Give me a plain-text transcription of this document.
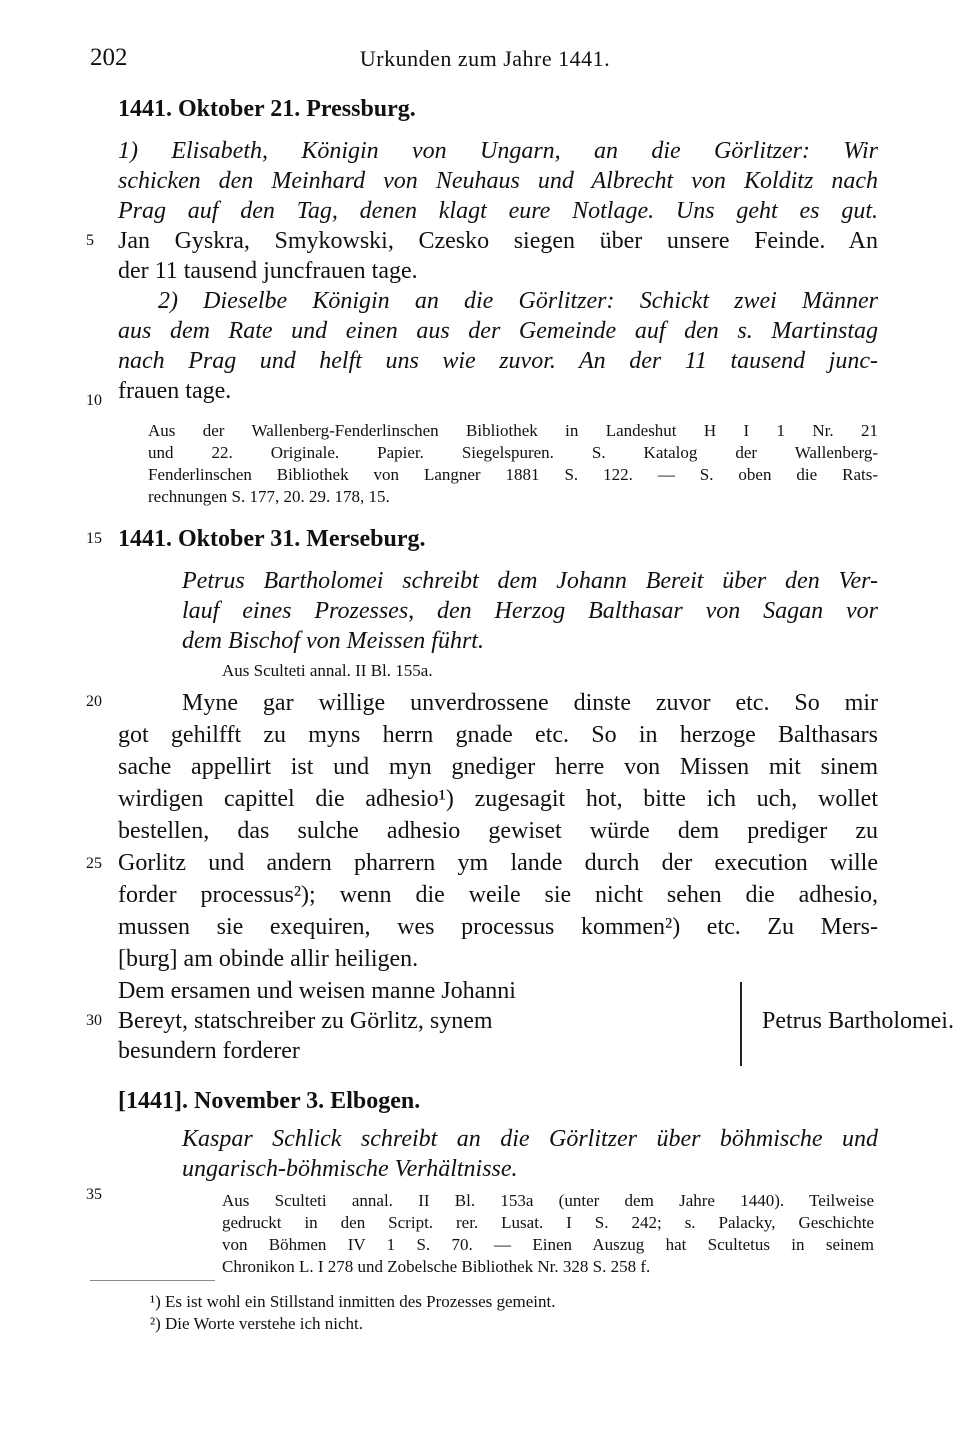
202	Urkunden zum Jahre 1441.
5
10
15
20
25
30
35
1441. Oktober 21. Pressburg.
1) Elisabeth, Königin von Ungarn, an die Görlitzer: Wir
schicken den Meinhard von Neuhaus und Albrecht von Kolditz nach
Prag auf den Tag, denen klagt eure Notlage. Uns geht es gut.
Jan Gyskra, Smykowski, Czesko siegen über unsere Feinde. An
der 11 tausend juncfrauen tage.
2) Dieselbe Königin an die Görlitzer: Schickt zwei Männer
aus dem Rate und einen aus der Gemeinde auf den s. Martinstag
nach Prag und helft uns wie zuvor. An der 11 tausend junc-
frauen tage.
Aus der Wallenberg-Fenderlinschen Bibliothek in Landeshut H I 1 Nr. 21
und 22. Originale. Papier. Siegelspuren. S. Katalog der Wallenberg-
Fenderlinschen Bibliothek von Langner 1881 S. 122. — S. oben die Rats-
rechnungen S. 177, 20. 29. 178, 15.
1441. Oktober 31. Merseburg.
Petrus Bartholomei schreibt dem Johann Bereit über den Ver-
lauf eines Prozesses, den Herzog Balthasar von Sagan vor
dem Bischof von Meissen führt.
Aus Sculteti annal. II Bl. 155a.
Myne gar willige unverdrossene dinste zuvor etc. So mir
got gehilfft zu myns herrn gnade etc. So in herzoge Balthasars
sache appellirt ist und myn gnediger herre von Missen mit sinem
wirdigen capittel die adhesio¹) zugesagit hot, bitte ich uch, wollet
bestellen, das sulche adhesio gewiset würde dem prediger zu
Gorlitz und andern pharrern ym lande durch der execution wille
forder processus²); wenn die weile sie nicht sehen die adhesio,
mussen sie exequiren, wes processus kommen²) etc. Zu Mers-
[burg] am obinde allir heiligen.
Dem ersamen und weisen manne Johanni
Bereyt, statschreiber zu Görlitz, synem
besundern forderer
Petrus Bartholomei.
[1441]. November 3. Elbogen.
Kaspar Schlick schreibt an die Görlitzer über böhmische und
ungarisch-böhmische Verhältnisse.
Aus Sculteti annal. II Bl. 153a (unter dem Jahre 1440). Teilweise
gedruckt in den Script. rer. Lusat. I S. 242; s. Palacky, Geschichte
von Böhmen IV 1 S. 70. — Einen Auszug hat Scultetus in seinem
Chronikon L. I 278 und Zobelsche Bibliothek Nr. 328 S. 258 f.
¹) Es ist wohl ein Stillstand inmitten des Prozesses gemeint.
²) Die Worte verstehe ich nicht.
